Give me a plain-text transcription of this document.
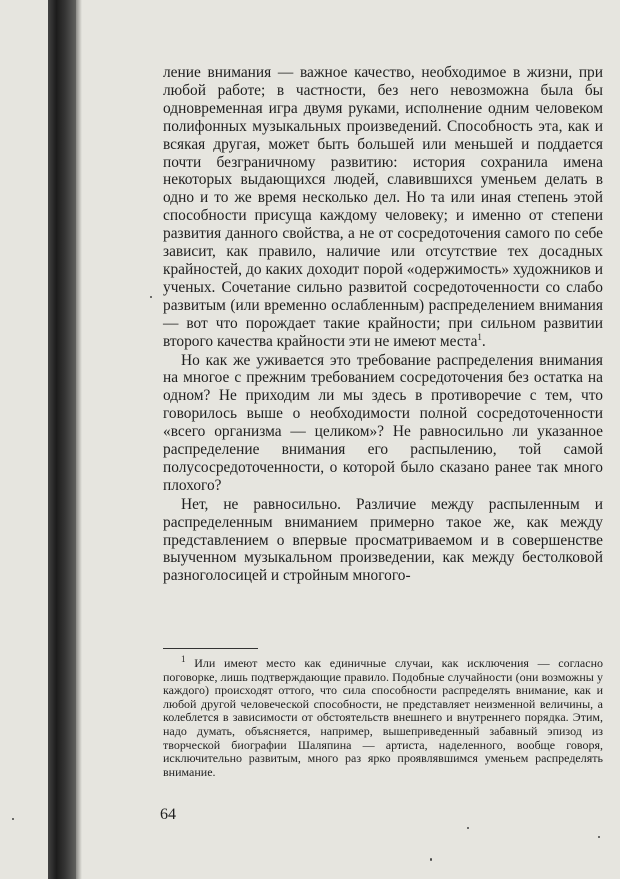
ление внимания — важное качество, необходимое в жизни, при любой работе; в частности, без него невозможна была бы одновременная игра двумя руками, исполнение одним человеком полифонных музыкальных произведений. Способность эта, как и всякая другая, может быть большей или меньшей и поддается почти безграничному развитию: история сохранила имена некоторых выдающихся людей, славившихся уменьем делать в одно и то же время несколько дел. Но та или иная степень этой способности присуща каждому человеку; и именно от степени развития данного свойства, а не от сосредоточения самого по себе зависит, как правило, наличие или отсутствие тех досадных крайностей, до каких доходит порой «одержимость» художников и ученых. Сочетание сильно развитой сосредоточенности со слабо развитым (или временно ослабленным) распределением внимания — вот что порождает такие крайности; при сильном развитии второго качества крайности эти не имеют места$^1$.

Но как же уживается это требование распределения внимания на многое с прежним требованием сосредоточения без остатка на одном? Не приходим ли мы здесь в противоречие с тем, что говорилось выше о необходимости полной сосредоточенности «всего организма — целиком»? Не равносильно ли указанное распределение внимания его распылению, той самой полусосредоточенности, о которой было сказано ранее так много плохого?

Нет, не равносильно. Различие между распыленным и распределенным вниманием примерно такое же, как между представлением о впервые просматриваемом и в совершенстве выученном музыкальном произведении, как между бестолковой разноголосицей и стройным многого-

$^1$ Или имеют место как единичные случаи, как исключения — согласно поговорке, лишь подтверждающие правило. Подобные случайности (они возможны у каждого) происходят оттого, что сила способности распределять внимание, как и любой другой человеческой способности, не представляет неизменной величины, а колеблется в зависимости от обстоятельств внешнего и внутреннего порядка. Этим, надо думать, объясняется, например, вышеприведенный забавный эпизод из творческой биографии Шаляпина — артиста, наделенного, вообще говоря, исключительно развитым, много раз ярко проявлявшимся уменьем распределять внимание.

64
